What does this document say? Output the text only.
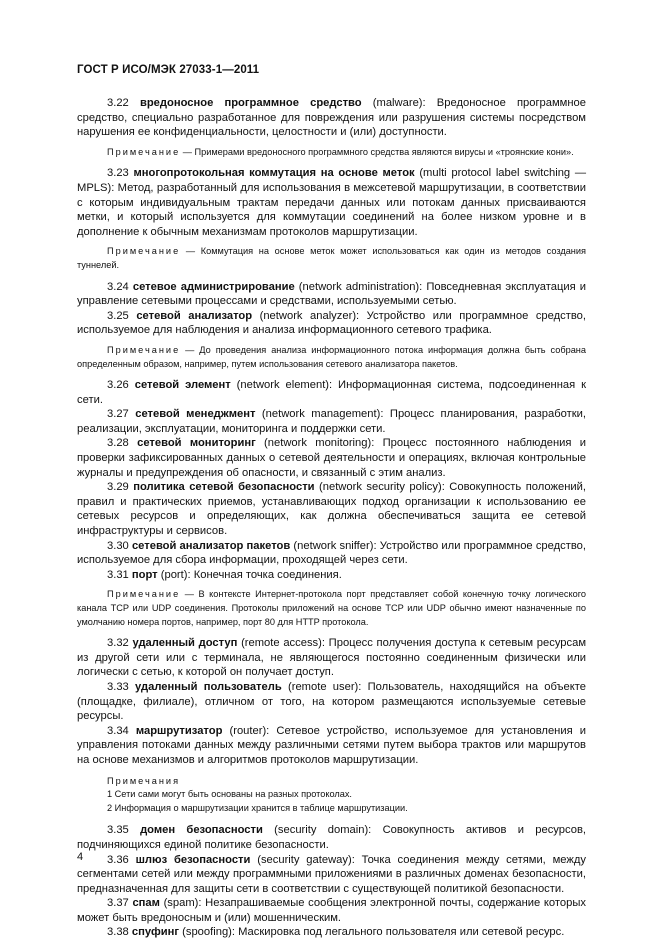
ГОСТ Р ИСО/МЭК 27033-1—2011

3.22 вредоносное программное средство (malware): Вредоносное программное средство, специально разработанное для повреждения или разрушения системы посредством нарушения ее конфиденциальности, целостности и (или) доступности.

Примечание — Примерами вредоносного программного средства являются вирусы и «троянские кони».

3.23 многопротокольная коммутация на основе меток (multi protocol label switching — MPLS): Метод, разработанный для использования в межсетевой маршрутизации, в соответствии с которым индивидуальным трактам передачи данных или потокам данных присваиваются метки, и который используется для коммутации соединений на более низком уровне и в дополнение к обычным механизмам протоколов маршрутизации.

Примечание — Коммутация на основе меток может использоваться как один из методов создания туннелей.

3.24 сетевое администрирование (network administration): Повседневная эксплуатация и управление сетевыми процессами и средствами, используемыми сетью.

3.25 сетевой анализатор (network analyzer): Устройство или программное средство, используемое для наблюдения и анализа информационного сетевого трафика.

Примечание — До проведения анализа информационного потока информация должна быть собрана определенным образом, например, путем использования сетевого анализатора пакетов.

3.26 сетевой элемент (network element): Информационная система, подсоединенная к сети.

3.27 сетевой менеджмент (network management): Процесс планирования, разработки, реализации, эксплуатации, мониторинга и поддержки сети.

3.28 сетевой мониторинг (network monitoring): Процесс постоянного наблюдения и проверки зафиксированных данных о сетевой деятельности и операциях, включая контрольные журналы и предупреждения об опасности, и связанный с этим анализ.

3.29 политика сетевой безопасности (network security policy): Совокупность положений, правил и практических приемов, устанавливающих подход организации к использованию ее сетевых ресурсов и определяющих, как должна обеспечиваться защита ее сетевой инфраструктуры и сервисов.

3.30 сетевой анализатор пакетов (network sniffer): Устройство или программное средство, используемое для сбора информации, проходящей через сети.

3.31 порт (port): Конечная точка соединения.

Примечание — В контексте Интернет-протокола порт представляет собой конечную точку логического канала TCP или UDP соединения. Протоколы приложений на основе TCP или UDP обычно имеют назначенные по умолчанию номера портов, например, порт 80 для HTTP протокола.

3.32 удаленный доступ (remote access): Процесс получения доступа к сетевым ресурсам из другой сети или с терминала, не являющегося постоянно соединенным физически или логически с сетью, к которой он получает доступ.

3.33 удаленный пользователь (remote user): Пользователь, находящийся на объекте (площадке, филиале), отличном от того, на котором размещаются используемые сетевые ресурсы.

3.34 маршрутизатор (router): Сетевое устройство, используемое для установления и управления потоками данных между различными сетями путем выбора трактов или маршрутов на основе механизмов и алгоритмов протоколов маршрутизации.

Примечания
1 Сети сами могут быть основаны на разных протоколах.
2 Информация о маршрутизации хранится в таблице маршрутизации.

3.35 домен безопасности (security domain): Совокупность активов и ресурсов, подчиняющихся единой политике безопасности.

3.36 шлюз безопасности (security gateway): Точка соединения между сетями, между сегментами сетей или между программными приложениями в различных доменах безопасности, предназначенная для защиты сети в соответствии с существующей политикой безопасности.

3.37 спам (spam): Незапрашиваемые сообщения электронной почты, содержание которых может быть вредоносным и (или) мошенническим.

3.38 спуфинг (spoofing): Маскировка под легального пользователя или сетевой ресурс.

4
